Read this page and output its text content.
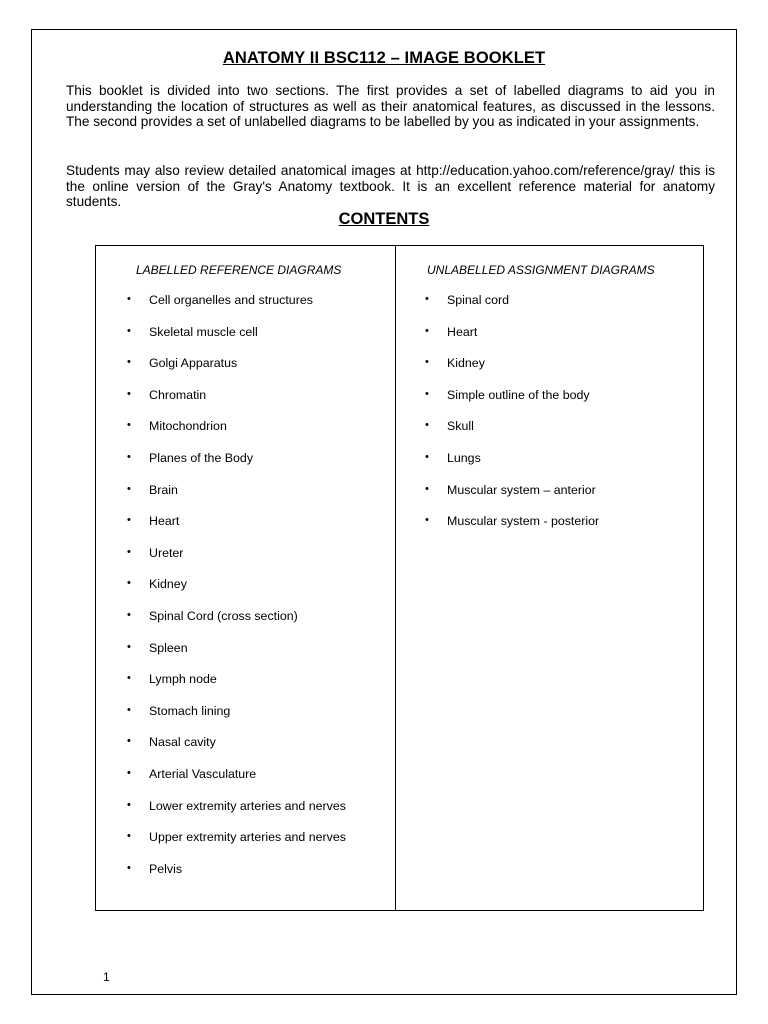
ANATOMY II BSC112 – IMAGE BOOKLET
This booklet is divided into two sections. The first provides a set of labelled diagrams to aid you in understanding the location of structures as well as their anatomical features, as discussed in the lessons. The second provides a set of unlabelled diagrams to be labelled by you as indicated in your assignments.
Students may also review detailed anatomical images at http://education.yahoo.com/reference/gray/ this is the online version of the Gray's Anatomy textbook. It is an excellent reference material for anatomy students.
CONTENTS
LABELLED REFERENCE DIAGRAMS
• Cell organelles and structures
• Skeletal muscle cell
• Golgi Apparatus
• Chromatin
• Mitochondrion
• Planes of the Body
• Brain
• Heart
• Ureter
• Kidney
• Spinal Cord (cross section)
• Spleen
• Lymph node
• Stomach lining
• Nasal cavity
• Arterial Vasculature
• Lower extremity arteries and nerves
• Upper extremity arteries and nerves
• Pelvis
UNLABELLED ASSIGNMENT DIAGRAMS
• Spinal cord
• Heart
• Kidney
• Simple outline of the body
• Skull
• Lungs
• Muscular system – anterior
• Muscular system - posterior
1
